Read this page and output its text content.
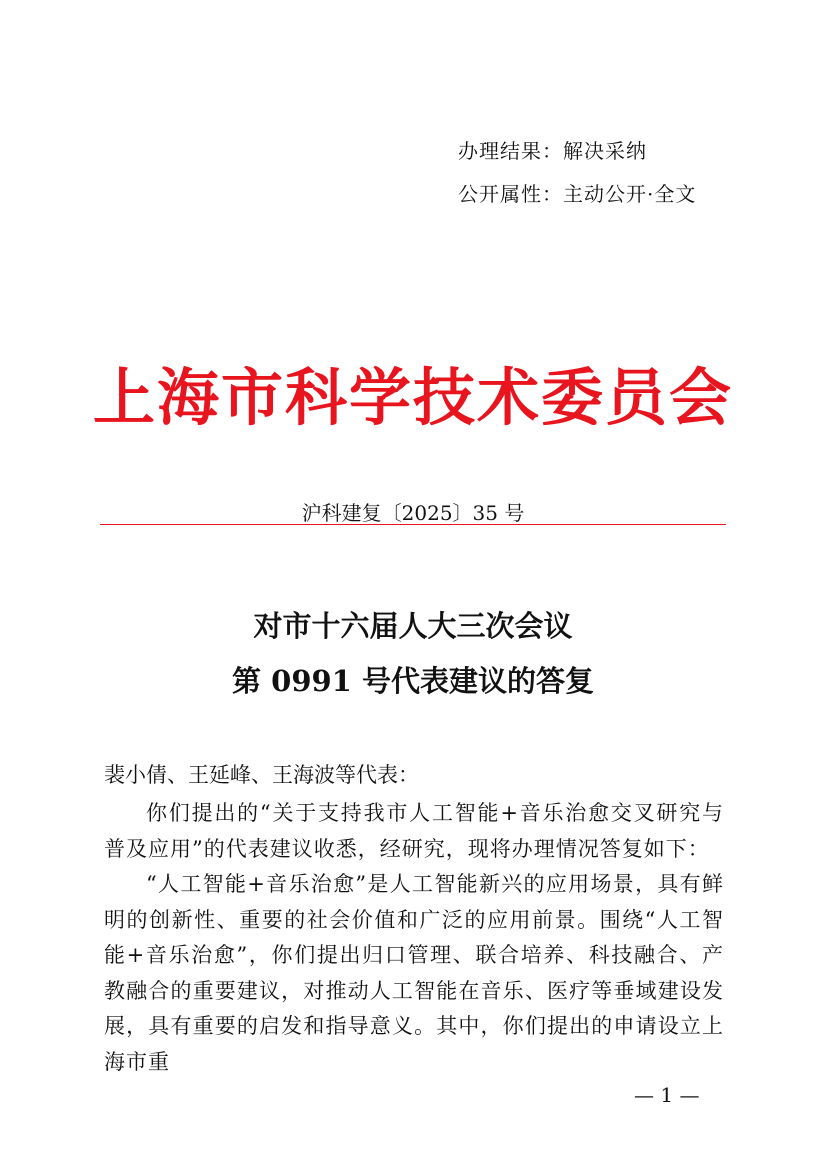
办理结果：解决采纳
公开属性：主动公开·全文
上海市科学技术委员会
沪科建复〔2025〕35 号
对市十六届人大三次会议
第 0991 号代表建议的答复
裴小倩、王延峰、王海波等代表：

你们提出的“关于支持我市人工智能+音乐治愈交叉研究与普及应用”的代表建议收悉，经研究，现将办理情况答复如下：

“人工智能+音乐治愈”是人工智能新兴的应用场景，具有鲜明的创新性、重要的社会价值和广泛的应用前景。围绕“人工智能+音乐治愈”，你们提出归口管理、联合培养、科技融合、产教融合的重要建议，对推动人工智能在音乐、医疗等垂域建设发展，具有重要的启发和指导意义。其中，你们提出的申请设立上海市重

— 1 —
